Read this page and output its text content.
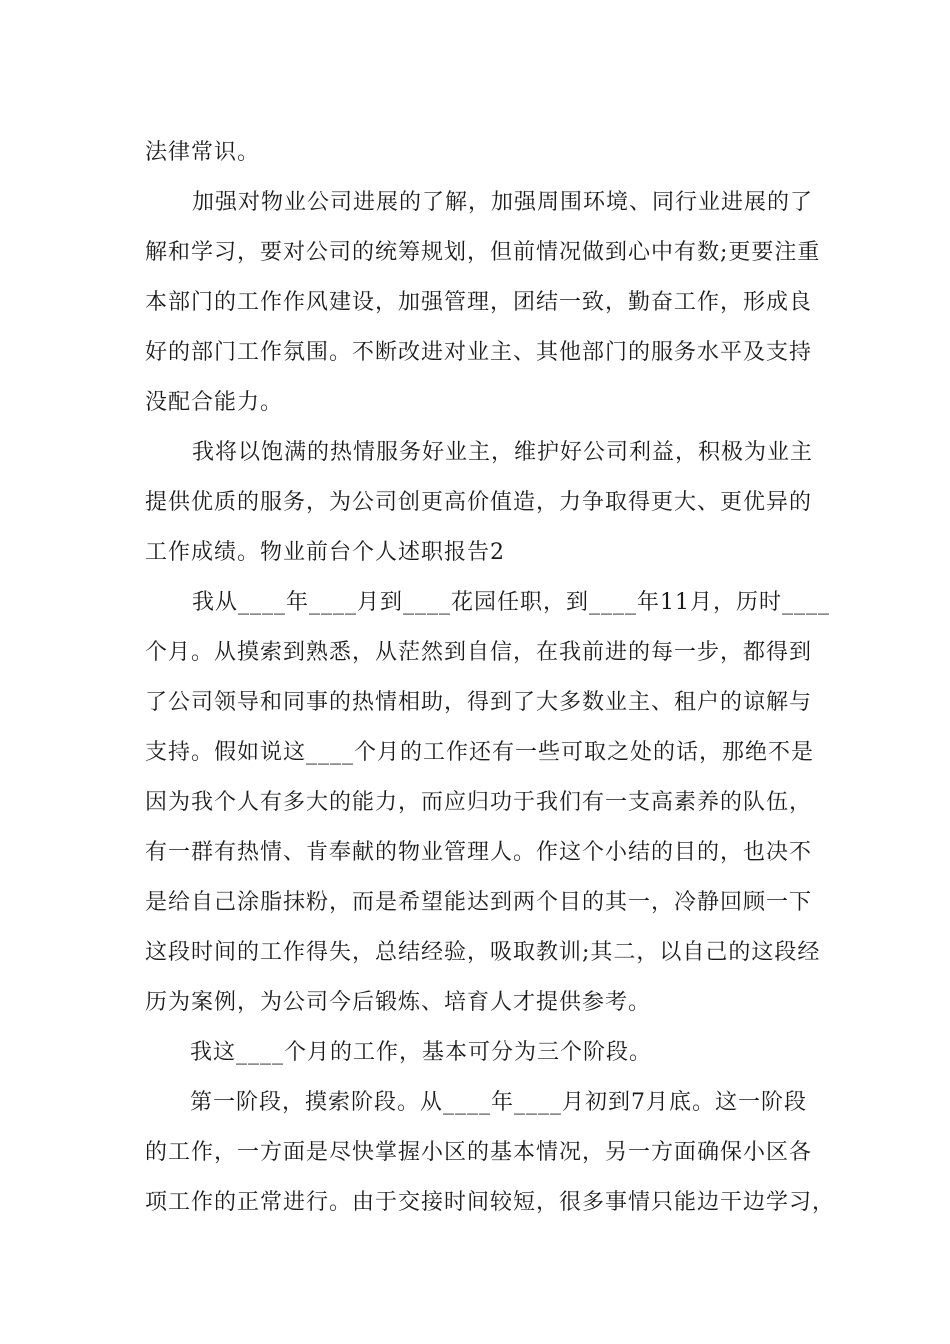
法律常识。
加强对物业公司进展的了解，加强周围环境、同行业进展的了
解和学习，要对公司的统筹规划，但前情况做到心中有数;更要注重
本部门的工作作风建设，加强管理，团结一致，勤奋工作，形成良
好的部门工作氛围。不断改进对业主、其他部门的服务水平及支持
没配合能力。
我将以饱满的热情服务好业主，维护好公司利益，积极为业主
提供优质的服务，为公司创更高价值造，力争取得更大、更优异的
工作成绩。物业前台个人述职报告2
我从____年____月到____花园任职，到____年11月，历时____
个月。从摸索到熟悉，从茫然到自信，在我前进的每一步，都得到
了公司领导和同事的热情相助，得到了大多数业主、租户的谅解与
支持。假如说这____个月的工作还有一些可取之处的话，那绝不是
因为我个人有多大的能力，而应归功于我们有一支高素养的队伍，
有一群有热情、肯奉献的物业管理人。作这个小结的目的，也决不
是给自己涂脂抹粉，而是希望能达到两个目的其一，冷静回顾一下
这段时间的工作得失，总结经验，吸取教训;其二，以自己的这段经
历为案例，为公司今后锻炼、培育人才提供参考。
我这____个月的工作，基本可分为三个阶段。
第一阶段，摸索阶段。从____年____月初到7月底。这一阶段
的工作，一方面是尽快掌握小区的基本情况，另一方面确保小区各
项工作的正常进行。由于交接时间较短，很多事情只能边干边学习，
